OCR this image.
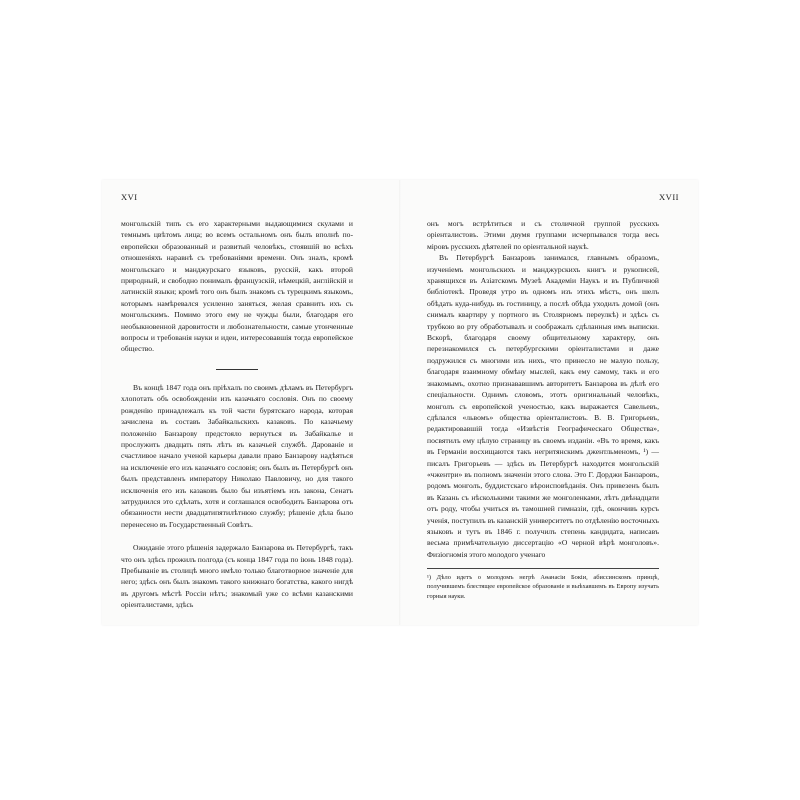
XVI

монгольскій типъ съ его характерными выдающимися скулами и темнымъ цвѣтомъ лица; во всемъ остальномъ онъ былъ вполнѣ по-европейски образованный и развитый человѣкъ, стоявшій во всѣхъ отношеніяхъ наравнѣ съ требованіями времени. Онъ зналъ, кромѣ монгольскаго и манджурскаго языковъ, русскій, какъ второй природный, и свободно понималъ французскій, нѣмецкій, англійскій и латинскій языки; кромѣ того онъ былъ знакомъ съ турецкимъ языкомъ, которымъ намѣревался усиленно заняться, желая сравнить ихъ съ монгольскимъ. Помимо этого ему не чужды были, благодаря его необыкновенной даровитости и любознательности, самые утонченные вопросы и требованія науки и идеи, интересовавшія тогда европейское общество.

Въ концѣ 1847 года онъ пріѣхалъ по своимъ дѣламъ въ Петербургъ хлопотать объ освобожденіи изъ казачьяго сословія. Онъ по своему рожденію принадлежалъ къ той части бурятскаго народа, которая зачислена въ составъ Забайкальскихъ казаковъ. По казачьему положенію Банзарову предстояло вернуться въ Забайкалье и прослужить двадцать пять лѣтъ въ казачьей службѣ. Дарованіе и счастливое начало ученой карьеры давали право Банзарову надѣяться на исключеніе его изъ казачьяго сословія; онъ былъ въ Петербургѣ онъ былъ представленъ императору Николаю Павловичу, но для такого исключенія его изъ казаковъ было бы изъятіемъ изъ закона, Сенатъ затруднился это сдѣлать, хотя и соглашался освободить Банзарова отъ обязанности нести двадцатипятилѣтнюю службу; рѣшеніе дѣла было перенесено въ Государственный Совѣтъ.

Ожиданіе этого рѣшенія задержало Банзарова въ Петербургѣ, такъ что онъ здѣсь прожилъ полгода (съ конца 1847 года по іюнь 1848 года). Пребываніе въ столицѣ много имѣло только благотворное значеніе для него; здѣсь онъ былъ знакомъ такого книжнаго богатства, какого нигдѣ въ другомъ мѣстѣ Россіи нѣтъ; знакомый уже со всѣми казанскими оріенталистами, здѣсь

XVII

онъ могъ встрѣтиться и съ столичной группой русскихъ оріенталистовъ. Этими двумя группами исчерпывался тогда весь міровъ русскихъ дѣятелей по оріентальной наукѣ.

Въ Петербургѣ Банзаровъ занимался, главнымъ образомъ, изученіемъ монгольскихъ и манджурскихъ книгъ и рукописей, хранящихся въ Азіатскомъ Музеѣ Академіи Наукъ и въ Публичной библіотекѣ. Проведя утро въ одномъ изъ этихъ мѣстъ, онъ шелъ обѣдать куда-нибудь въ гостиницу, а послѣ обѣда уходилъ домой (онъ снималъ квартиру у портного въ Столярномъ переулкѣ) и здѣсь съ трубкою во рту обработывалъ и соображалъ сдѣланныя имъ выписки. Вскорѣ, благодаря своему общительному характеру, онъ перезнакомился съ петербургскими оріенталистами и даже подружился съ многими изъ нихъ, что принесло не малую пользу, благодаря взаимному обмѣну мыслей, какъ ему самому, такъ и его знакомымъ, охотно признававшимъ авторитетъ Банзарова въ дѣлѣ его спеціальности. Однимъ словомъ, этотъ оригинальный человѣкъ, монголъ съ европейской ученостью, какъ выражается Савельевъ, сдѣлался «львомъ» общества оріенталистовъ. В. В. Григорьевъ, редактировавшій тогда «Извѣстія Географическаго Общества», посвятилъ ему цѣлую страницу въ своемъ изданіи. «Въ то время, какъ въ Германіи восхищаются такъ негритянскимъ джентльменомъ, ¹) — писалъ Григорьевъ — здѣсь въ Петербургѣ находится монгольскій «чжентри» въ полномъ значеніи этого слова. Это Г. Дорджи Банзаровъ, родомъ монголъ, буддистскаго вѣроисповѣданія. Онъ привезенъ былъ въ Казань съ нѣсколькими такими же монголенками, лѣтъ двѣнадцати отъ роду, чтобы учиться въ тамошней гимназіи, гдѣ, окончивъ курсъ ученія, поступилъ въ казанскій университетъ по отдѣленію восточныхъ языковъ и тутъ въ 1846 г. получилъ степень кандидата, написавъ весьма примѣчательную диссертацію «О черной вѣрѣ монголовъ». Физіогномія этого молодого ученаго

¹) Дѣло идетъ о молодомъ негрѣ Аѳанасіи Бокіи, абиссинскомъ принцѣ, получившемъ блестящее европейское образованіе и выѣхавшемъ въ Европу изучать горныя науки.
